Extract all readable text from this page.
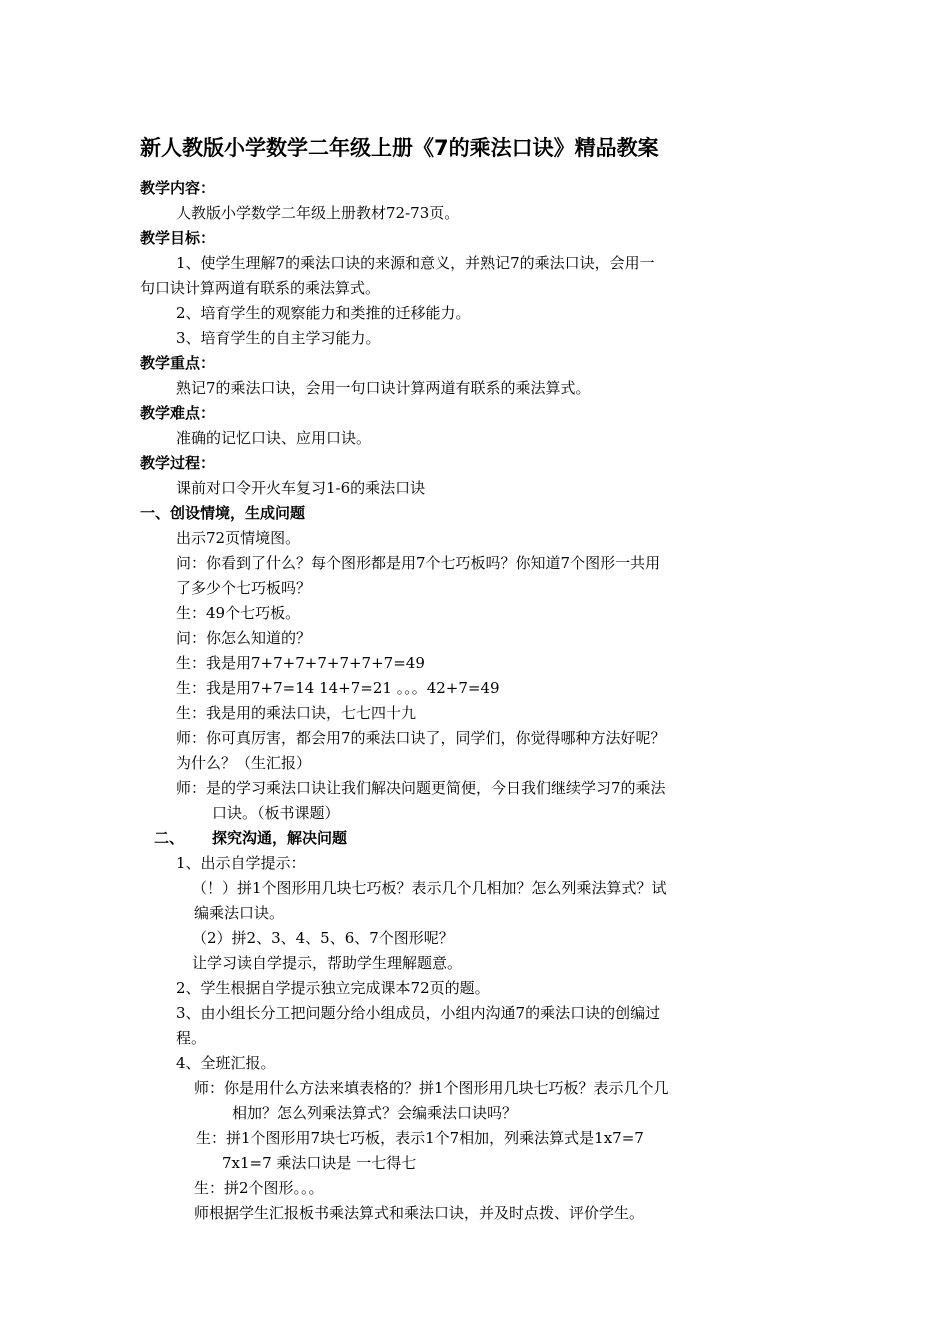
新人教版小学数学二年级上册《7的乘法口诀》精品教案
教学内容：
人教版小学数学二年级上册教材72-73页。
教学目标：
1、使学生理解7的乘法口诀的来源和意义，并熟记7的乘法口诀，会用一
句口诀计算两道有联系的乘法算式。
2、培育学生的观察能力和类推的迁移能力。
3、培育学生的自主学习能力。
教学重点：
熟记7的乘法口诀，会用一句口诀计算两道有联系的乘法算式。
教学难点：
准确的记忆口诀、应用口诀。
教学过程：
课前对口令开火车复习1-6的乘法口诀
一、创设情境，生成问题
出示72页情境图。
问：你看到了什么？每个图形都是用7个七巧板吗？你知道7个图形一共用
了多少个七巧板吗？
生：49个七巧板。
问：你怎么知道的？
生：我是用7+7+7+7+7+7+7=49
生：我是用7+7=14 14+7=21 。。。42+7=49
生：我是用的乘法口诀，七七四十九
师：你可真厉害，都会用7的乘法口诀了，同学们，你觉得哪种方法好呢？
为什么？（生汇报）
师：是的学习乘法口诀让我们解决问题更简便，今日我们继续学习7的乘法
口诀。（板书课题）
二、 探究沟通，解决问题
1、出示自学提示：
（！）拼1个图形用几块七巧板？表示几个几相加？怎么列乘法算式？试
编乘法口诀。
（2）拼2、3、4、5、6、7个图形呢？
让学习读自学提示，帮助学生理解题意。
2、学生根据自学提示独立完成课本72页的题。
3、由小组长分工把问题分给小组成员，小组内沟通7的乘法口诀的创编过
程。
4、全班汇报。
师：你是用什么方法来填表格的？拼1个图形用几块七巧板？表示几个几
相加？怎么列乘法算式？会编乘法口诀吗？
生：拼1个图形用7块七巧板，表示1个7相加，列乘法算式是1x7=7
7x1=7 乘法口诀是 一七得七
生：拼2个图形。。。
师根据学生汇报板书乘法算式和乘法口诀，并及时点拨、评价学生。
